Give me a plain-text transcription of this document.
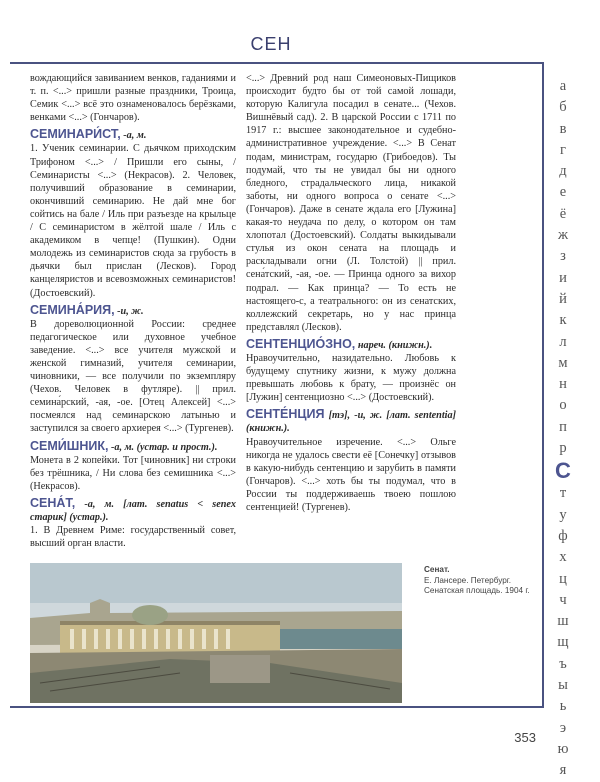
СЕН

вождающийся завиванием венков, гаданиями и т. п. <...> пришли разные праздники, Троица, Семик <...> всё это ознаменовалось берёзками, венками <...> (Гончаров).

СЕМИНАРИ́СТ, -а, м.
1. Ученик семинарии. С дьячком приходским Трифоном <...> / Пришли его сыны, / Семинаристы <...> (Некрасов). 2. Человек, получивший образование в семинарии, окончивший семинарию. Не дай мне бог сойтись на бале / Иль при разъезде на крыльце / С семинаристом в жёлтой шале / Иль с академиком в чепце! (Пушкин). Одни молодежь из семинаристов сюда за грубость в дьячки был прислан (Лесков). Город канцеляристов и всевозможных семинаристов! (Достоевский).

СЕМИНА́РИЯ, -и, ж.
В дореволюционной России: среднее педагогическое или духовное учебное заведение. <...> все учителя мужской и женской гимназий, учителя семинарии, чиновники, — все получили по экземпляру (Чехов. Человек в футляре). || прил. семина́рский, -ая, -ое. [Отец Алексей] <...> посмеялся над семинарскою латынью и заступился за своего архиерея <...> (Тургенев).

СЕМИ́ШНИК, -а, м. (устар. и прост.).
Монета в 2 копейки. Тот [чиновник] ни строки без трёшника, / Ни слова без семишника <...> (Некрасов).

СЕНА́Т, -а, м. [лат. senatus < senex старик] (устар.).
1. В Древнем Риме: государственный совет, высший орган власти.

<...> Древний род наш Симеоновых-Пищиков происходит будто бы от той самой лошади, которую Калигула посадил в сенате... (Чехов. Вишнёвый сад). 2. В царской России с 1711 по 1917 г.: высшее законодательное и судебно-административное учреждение. <...> В Сенат подам, министрам, государю (Грибоедов). Ты подумай, что ты не увидал бы ни одного бледного, страдальческого лица, никакой заботы, ни одного вопроса о сенате <...> (Гончаров). Даже в сенате ждала его [Лужина] какая-то неудача по делу, о котором он там хлопотал (Достоевский). Солдаты выкидывали стулья из окон сената на площадь и раскладывали огни (Л. Толстой) || прил. сена́тский, -ая, -ое. — Принца одного за вихор подрал. — Как принца? — То есть не настоящего-с, а театрального: он из сенатских, коллежский секретарь, но у нас принца представлял (Лесков).

СЕНТЕНЦИО́ЗНО, нареч. (книжн.).
Нравоучительно, назидательно. Любовь к будущему спутнику жизни, к мужу должна превышать любовь к брату, — произнёс он [Лужин] сентенциозно <...> (Достоевский).

СЕНТЕ́НЦИЯ [тэ], -и, ж. [лат. sententia] (книжн.).
Нравоучительное изречение. <...> Ольге никогда не удалось свести её [Сонечку] отзывов в какую-нибудь сентенцию и зарубить в памяти (Гончаров). <...> хоть бы ты подумал, что в России ты поддерживаешь твоею пошлою сентенцией! (Тургенев).

а
б
в
г
д
е
ё
ж
з
и
й
к
л
м
н
о
п
р
С
т
у
ф
х
ц
ч
ш
щ
ъ
ы
ь
э
ю
я
Сенат.
Е. Лансере. Петербург. Сенатская площадь. 1904 г.
353
